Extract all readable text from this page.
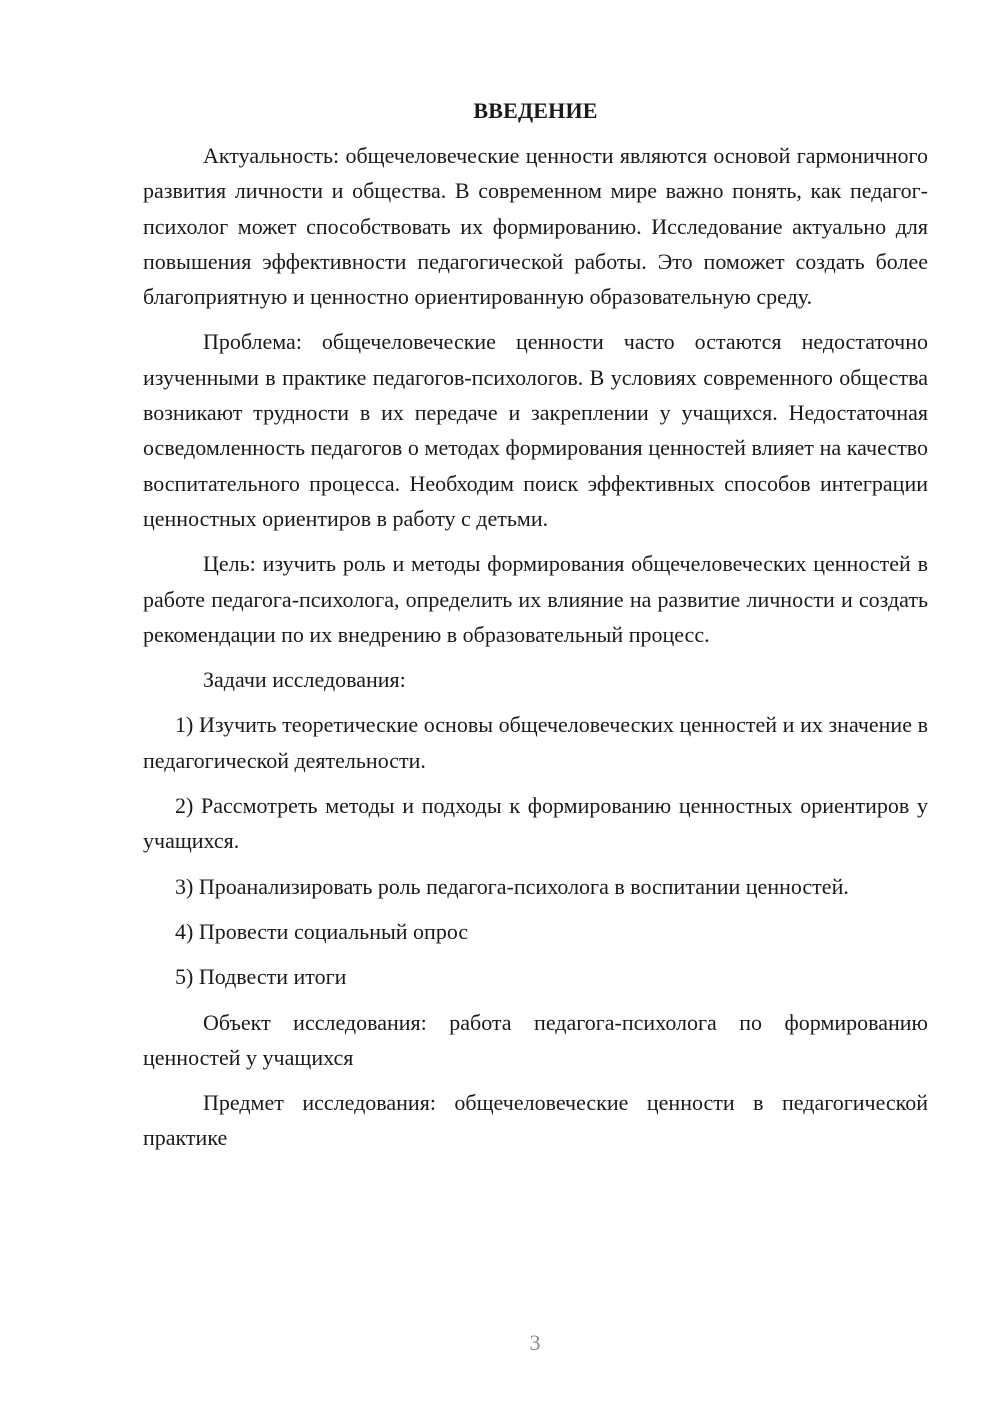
ВВЕДЕНИЕ

Актуальность: общечеловеческие ценности являются основой гармоничного развития личности и общества. В современном мире важно понять, как педагог-психолог может способствовать их формированию. Исследование актуально для повышения эффективности педагогической работы. Это поможет создать более благоприятную и ценностно ориентированную образовательную среду.

Проблема: общечеловеческие ценности часто остаются недостаточно изученными в практике педагогов-психологов. В условиях современного общества возникают трудности в их передаче и закреплении у учащихся. Недостаточная осведомленность педагогов о методах формирования ценностей влияет на качество воспитательного процесса. Необходим поиск эффективных способов интеграции ценностных ориентиров в работу с детьми.

Цель: изучить роль и методы формирования общечеловеческих ценностей в работе педагога-психолога, определить их влияние на развитие личности и создать рекомендации по их внедрению в образовательный процесс.

Задачи исследования:

1) Изучить теоретические основы общечеловеческих ценностей и их значение в педагогической деятельности.

2) Рассмотреть методы и подходы к формированию ценностных ориентиров у учащихся.

3) Проанализировать роль педагога-психолога в воспитании ценностей.

4) Провести социальный опрос

5) Подвести итоги

Объект исследования: работа педагога-психолога по формированию ценностей у учащихся

Предмет исследования: общечеловеческие ценности в педагогической практике

3
